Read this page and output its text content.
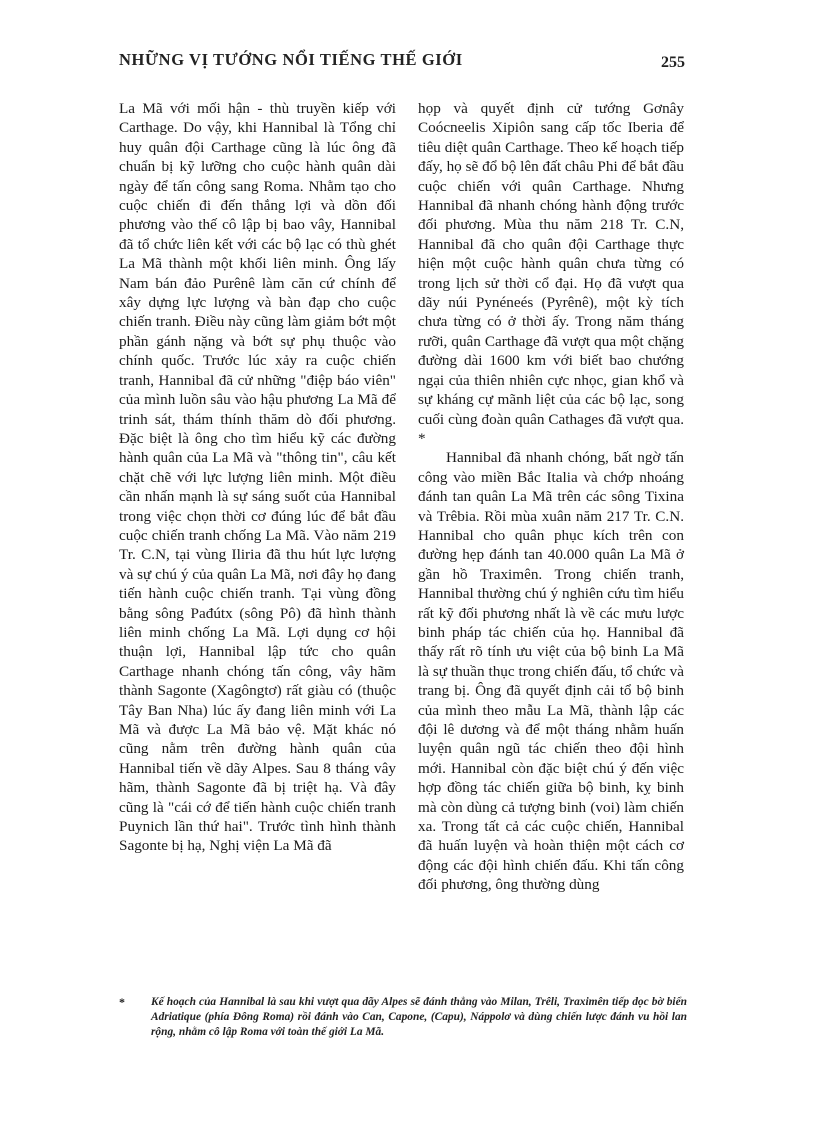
NHỮNG VỊ TƯỚNG NỔI TIẾNG THẾ GIỚI	255

La Mã với mối hận - thù truyền kiếp với Carthage. Do vậy, khi Hannibal là Tổng chỉ huy quân đội Carthage cũng là lúc ông đã chuẩn bị kỹ lưỡng cho cuộc hành quân dài ngày để tấn công sang Roma. Nhằm tạo cho cuộc chiến đi đến thắng lợi và dồn đối phương vào thế cô lập bị bao vây, Hannibal đã tổ chức liên kết với các bộ lạc có thù ghét La Mã thành một khối liên minh. Ông lấy Nam bán đảo Purênê làm căn cứ chính để xây dựng lực lượng và bàn đạp cho cuộc chiến tranh. Điều này cũng làm giảm bớt một phần gánh nặng và bớt sự phụ thuộc vào chính quốc. Trước lúc xảy ra cuộc chiến tranh, Hannibal đã cử những "điệp báo viên" của mình luồn sâu vào hậu phương La Mã để trinh sát, thám thính thăm dò đối phương. Đặc biệt là ông cho tìm hiểu kỹ các đường hành quân của La Mã và "thông tin", câu kết chặt chẽ với lực lượng liên minh. Một điều cần nhấn mạnh là sự sáng suốt của Hannibal trong việc chọn thời cơ đúng lúc để bắt đầu cuộc chiến tranh chống La Mã. Vào năm 219 Tr. C.N, tại vùng Iliria đã thu hút lực lượng và sự chú ý của quân La Mã, nơi đây họ đang tiến hành cuộc chiến tranh. Tại vùng đồng bằng sông Pađútx (sông Pô) đã hình thành liên minh chống La Mã. Lợi dụng cơ hội thuận lợi, Hannibal lập tức cho quân Carthage nhanh chóng tấn công, vây hãm thành Sagonte (Xagôngtơ) rất giàu có (thuộc Tây Ban Nha) lúc ấy đang liên minh với La Mã và được La Mã bảo vệ. Mặt khác nó cũng nằm trên đường hành quân của Hannibal tiến về dãy Alpes. Sau 8 tháng vây hãm, thành Sagonte đã bị triệt hạ. Và đây cũng là "cái cớ để tiến hành cuộc chiến tranh Puynich lần thứ hai". Trước tình hình thành Sagonte bị hạ, Nghị viện La Mã đã

họp và quyết định cử tướng Gơnây Coócneelis Xipiôn sang cấp tốc Iberia để tiêu diệt quân Carthage. Theo kế hoạch tiếp đấy, họ sẽ đổ bộ lên đất châu Phi để bắt đầu cuộc chiến với quân Carthage. Nhưng Hannibal đã nhanh chóng hành động trước đối phương. Mùa thu năm 218 Tr. C.N, Hannibal đã cho quân đội Carthage thực hiện một cuộc hành quân chưa từng có trong lịch sử thời cổ đại. Họ đã vượt qua dãy núi Pynéneés (Pyrênê), một kỳ tích chưa từng có ở thời ấy. Trong năm tháng rưỡi, quân Carthage đã vượt qua một chặng đường dài 1600 km với biết bao chướng ngại của thiên nhiên cực nhọc, gian khổ và sự kháng cự mãnh liệt của các bộ lạc, song cuối cùng đoàn quân Cathages đã vượt qua. *

Hannibal đã nhanh chóng, bất ngờ tấn công vào miền Bắc Italia và chớp nhoáng đánh tan quân La Mã trên các sông Tixina và Trêbia. Rồi mùa xuân năm 217 Tr. C.N. Hannibal cho quân phục kích trên con đường hẹp đánh tan 40.000 quân La Mã ở gần hồ Traximên. Trong chiến tranh, Hannibal thường chú ý nghiên cứu tìm hiểu rất kỹ đối phương nhất là về các mưu lược binh pháp tác chiến của họ. Hannibal đã thấy rất rõ tính ưu việt của bộ binh La Mã là sự thuần thục trong chiến đấu, tổ chức và trang bị. Ông đã quyết định cải tổ bộ binh của mình theo mẫu La Mã, thành lập các đội lê dương và để một tháng nhằm huấn luyện quân ngũ tác chiến theo đội hình mới. Hannibal còn đặc biệt chú ý đến việc hợp đồng tác chiến giữa bộ binh, kỵ binh mà còn dùng cả tượng binh (voi) làm chiến xa. Trong tất cả các cuộc chiến, Hannibal đã huấn luyện và hoàn thiện một cách cơ động các đội hình chiến đấu. Khi tấn công đối phương, ông thường dùng

* Kế hoạch của Hannibal là sau khi vượt qua dãy Alpes sẽ đánh thẳng vào Milan, Trêli, Traximên tiếp dọc bờ biển Adriatique (phía Đông Roma) rồi đánh vào Can, Capone, (Capu), Náppolơ và dùng chiến lược đánh vu hồi lan rộng, nhằm cô lập Roma với toàn thế giới La Mã.
